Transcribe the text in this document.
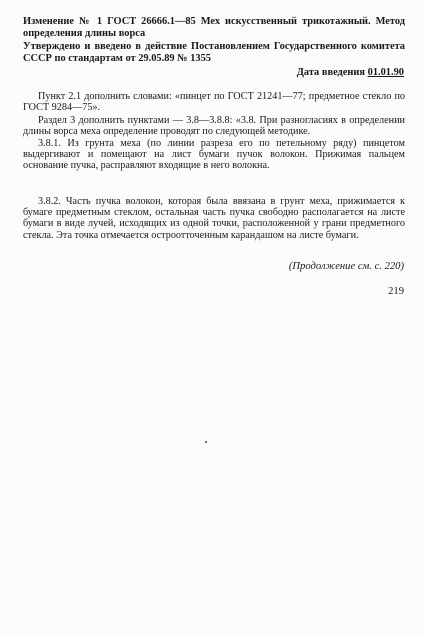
Изменение № 1 ГОСТ 26666.1—85 Мех искусственный трикотажный. Метод определения длины ворса
Утверждено и введено в действие Постановлением Государственного комитета СССР по стандартам от 29.05.89 № 1355
Дата введения 01.01.90
Пункт 2.1 дополнить словами: «пинцет по ГОСТ 21241—77; предметное стекло по ГОСТ 9284—75».
Раздел 3 дополнить пунктами — 3.8—3.8.8: «3.8. При разногласиях в определении длины ворса меха определение проводят по следующей методике.
3.8.1. Из грунта меха (по линии разреза его по петельному ряду) пинцетом выдергивают и помещают на лист бумаги пучок волокон. Прижимая пальцем основание пучка, расправляют входящие в него волокна.
3.8.2. Часть пучка волокон, которая была ввязана в грунт меха, прижимается к бумаге предметным стеклом, остальная часть пучка свободно располагается на листе бумаги в виде лучей, исходящих из одной точки, расположенной у грани предметного стекла. Эта точка отмечается остроотточенным карандашом на листе бумаги.
(Продолжение см. с. 220)
219
